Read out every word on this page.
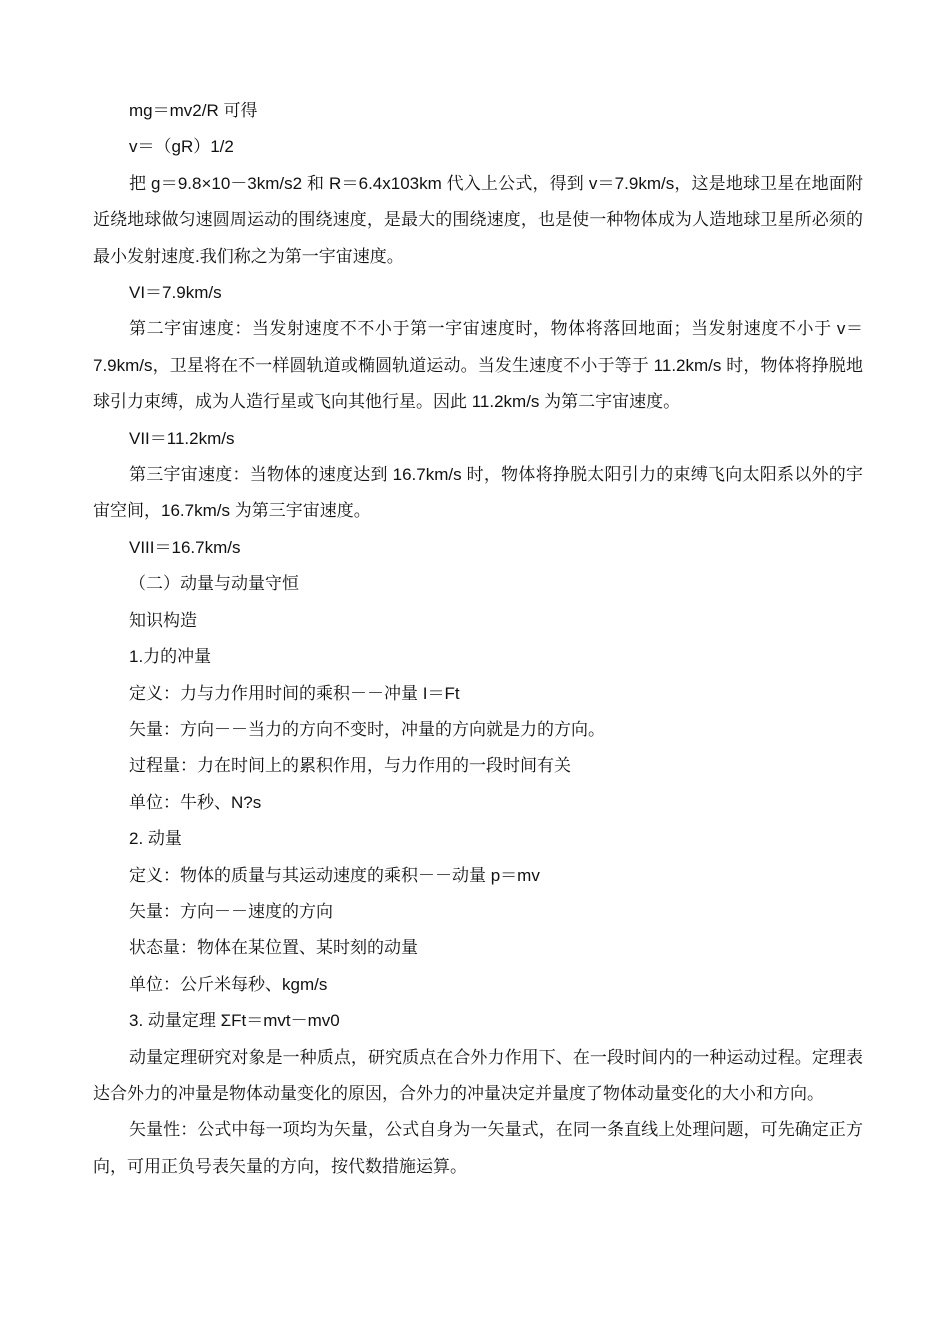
mg＝mv2/R 可得

v＝（gR）1/2

把 g＝9.8×10－3km/s2 和 R＝6.4x103km 代入上公式，得到 v＝7.9km/s，这是地球卫星在地面附近绕地球做匀速圆周运动的围绕速度，是最大的围绕速度，也是使一种物体成为人造地球卫星所必须的最小发射速度.我们称之为第一宇宙速度。

VI＝7.9km/s

第二宇宙速度：当发射速度不不小于第一宇宙速度时，物体将落回地面；当发射速度不小于 v＝7.9km/s，卫星将在不一样圆轨道或椭圆轨道运动。当发生速度不小于等于 11.2km/s 时，物体将挣脱地球引力束缚，成为人造行星或飞向其他行星。因此 11.2km/s 为第二宇宙速度。

VII＝11.2km/s

第三宇宙速度：当物体的速度达到 16.7km/s 时，物体将挣脱太阳引力的束缚飞向太阳系以外的宇宙空间，16.7km/s 为第三宇宙速度。

VIII＝16.7km/s

（二）动量与动量守恒

知识构造

1.力的冲量

定义：力与力作用时间的乘积－－冲量 I＝Ft

矢量：方向－－当力的方向不变时，冲量的方向就是力的方向。

过程量：力在时间上的累积作用，与力作用的一段时间有关

单位：牛秒、N?s

2. 动量

定义：物体的质量与其运动速度的乘积－－动量 p＝mv

矢量：方向－－速度的方向

状态量：物体在某位置、某时刻的动量

单位：公斤米每秒、kgm/s

3. 动量定理 ΣFt＝mvt－mv0

动量定理研究对象是一种质点，研究质点在合外力作用下、在一段时间内的一种运动过程。定理表达合外力的冲量是物体动量变化的原因，合外力的冲量决定并量度了物体动量变化的大小和方向。

矢量性：公式中每一项均为矢量，公式自身为一矢量式，在同一条直线上处理问题，可先确定正方向，可用正负号表矢量的方向，按代数措施运算。
